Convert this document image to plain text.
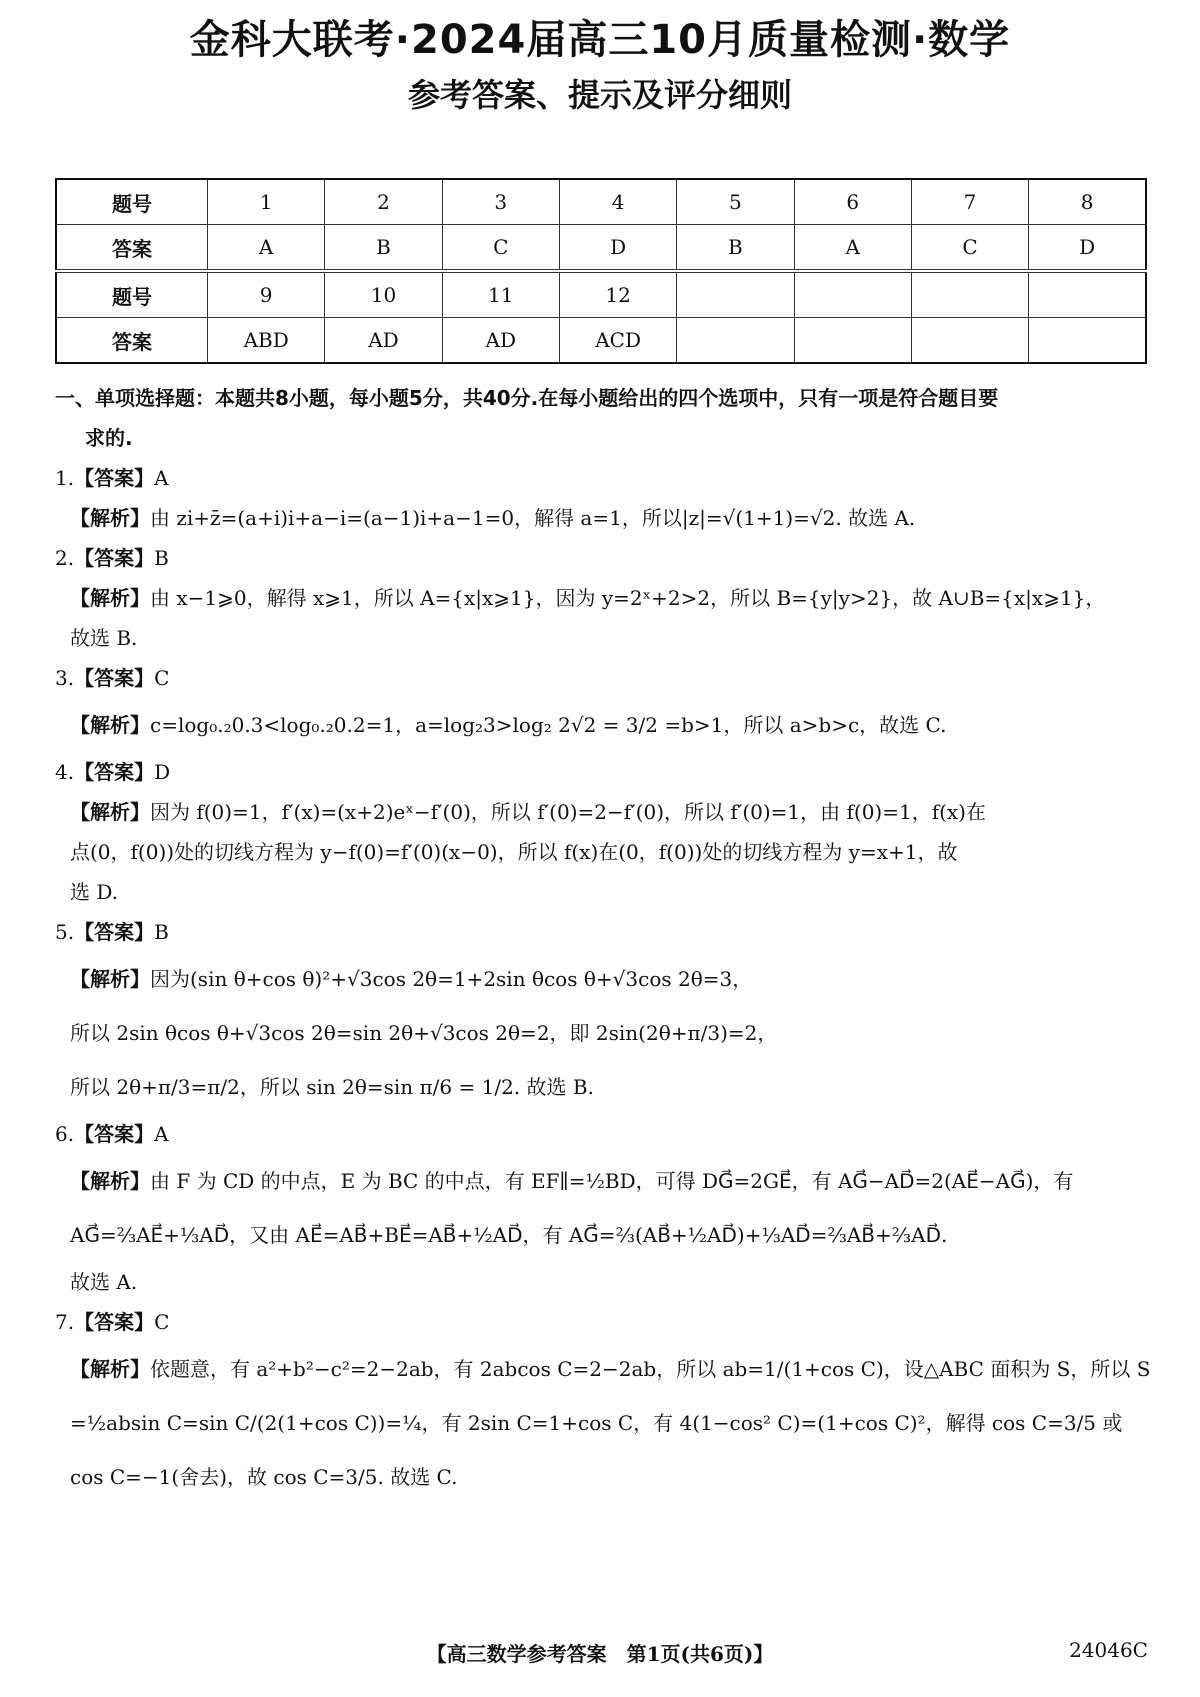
金科大联考·2024届高三10月质量检测·数学
参考答案、提示及评分细则
题号	1	2	3	4	5	6	7	8
答案	A	B	C	D	B	A	C	D
题号	9	10	11	12				
答案	ABD	AD	AD	ACD				

一、单项选择题：本题共8小题，每小题5分，共40分.在每小题给出的四个选项中，只有一项是符合题目要
求的.

1.【答案】A

【解析】由 zi+z̄=(a+i)i+a−i=(a−1)i+a−1=0，解得 a=1，所以|z|=√(1+1)=√2. 故选 A.

2.【答案】B

【解析】由 x−1⩾0，解得 x⩾1，所以 A={x|x⩾1}，因为 y=2ˣ+2>2，所以 B={y|y>2}，故 A∪B={x|x⩾1}，

故选 B.

3.【答案】C

【解析】c=log₀.₂0.3<log₀.₂0.2=1，a=log₂3>log₂ 2√2 = 3/2 =b>1，所以 a>b>c，故选 C.

4.【答案】D

【解析】因为 f(0)=1，f′(x)=(x+2)eˣ−f′(0)，所以 f′(0)=2−f′(0)，所以 f′(0)=1，由 f(0)=1，f(x)在

点(0，f(0))处的切线方程为 y−f(0)=f′(0)(x−0)，所以 f(x)在(0，f(0))处的切线方程为 y=x+1，故

选 D.

5.【答案】B

【解析】因为(sin θ+cos θ)²+√3cos 2θ=1+2sin θcos θ+√3cos 2θ=3，

所以 2sin θcos θ+√3cos 2θ=sin 2θ+√3cos 2θ=2，即 2sin(2θ+π/3)=2，

所以 2θ+π/3=π/2，所以 sin 2θ=sin π/6 = 1/2. 故选 B.

6.【答案】A

【解析】由 F 为 CD 的中点，E 为 BC 的中点，有 EF∥=½BD，可得 DG⃗=2GE⃗，有 AG⃗−AD⃗=2(AE⃗−AG⃗)，有

AG⃗=⅔AE⃗+⅓AD⃗，又由 AE⃗=AB⃗+BE⃗=AB⃗+½AD⃗，有 AG⃗=⅔(AB⃗+½AD⃗)+⅓AD⃗=⅔AB⃗+⅔AD⃗.

故选 A.

7.【答案】C

【解析】依题意，有 a²+b²−c²=2−2ab，有 2abcos C=2−2ab，所以 ab=1/(1+cos C)，设△ABC 面积为 S，所以 S

=½absin C=sin C/(2(1+cos C))=¼，有 2sin C=1+cos C，有 4(1−cos² C)=(1+cos C)²，解得 cos C=3/5 或

cos C=−1(舍去)，故 cos C=3/5. 故选 C.

【高三数学参考答案　第1页(共6页)】	24046C
